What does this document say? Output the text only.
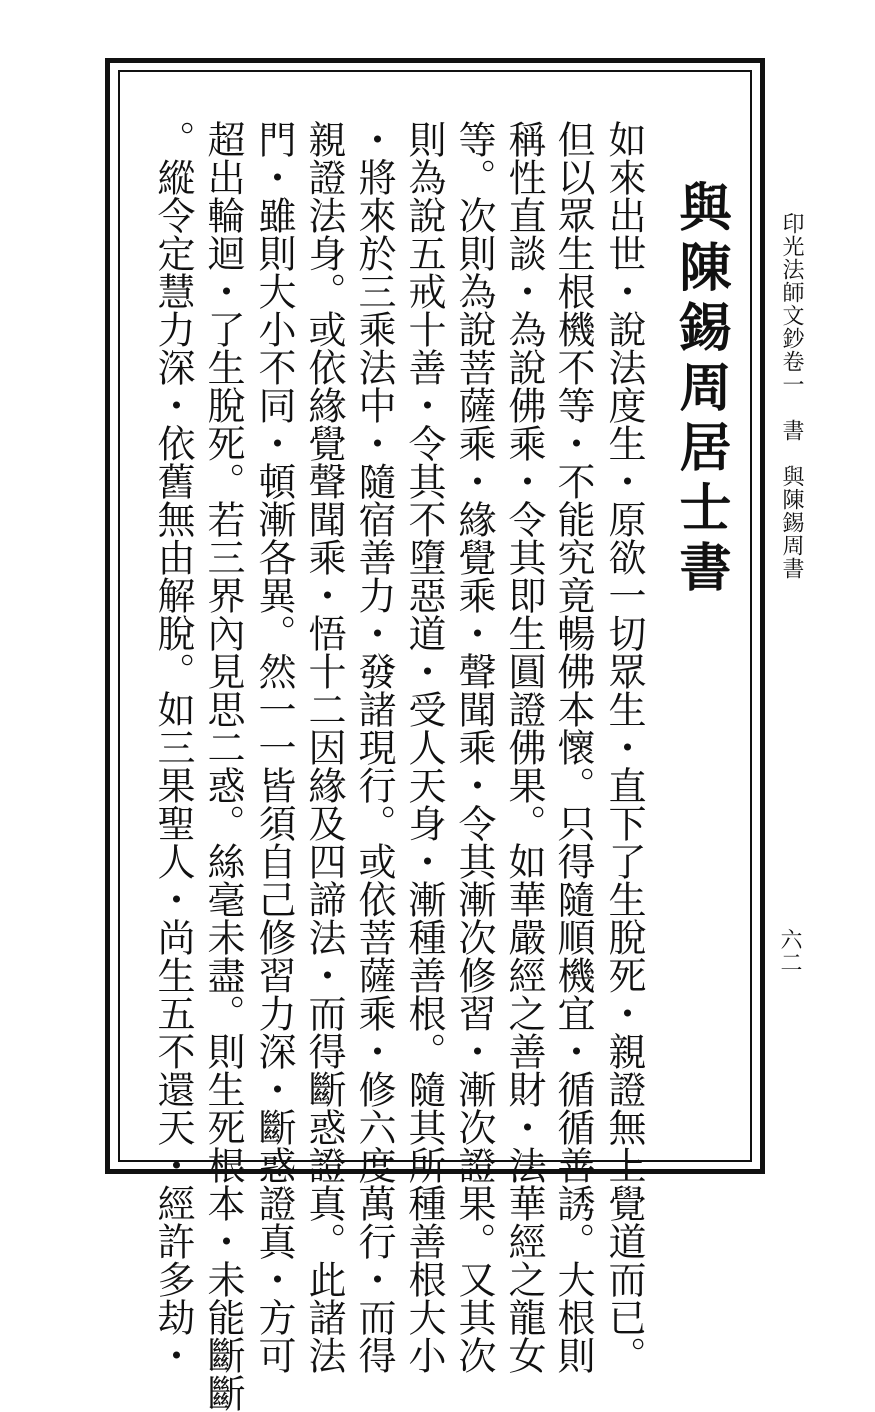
印光法師文鈔卷一　書　與陳錫周書
與陳錫周居士書
如來出世・說法度生・原欲一切眾生・直下了生脫死・親證無上覺道而已。
但以眾生根機不等・不能究竟暢佛本懷。只得隨順機宜・循循善誘。大根則
稱性直談・為說佛乘・令其即生圓證佛果。如華嚴經之善財・法華經之龍女
等。次則為說菩薩乘・緣覺乘・聲聞乘・令其漸次修習・漸次證果。又其次
則為說五戒十善・令其不墮惡道・受人天身・漸種善根。隨其所種善根大小
・將來於三乘法中・隨宿善力・發諸現行。或依菩薩乘・修六度萬行・而得
親證法身。或依緣覺聲聞乘・悟十二因緣及四諦法・而得斷惑證真。此諸法
門・雖則大小不同・頓漸各異。然一一皆須自己修習力深・斷惑證真・方可
超出輪迴・了生脫死。若三界內見思二惑。絲毫未盡。則生死根本・未能斷斷
。縱令定慧力深・依舊無由解脫。如三果聖人・尚生五不還天・經許多劫・	六二
